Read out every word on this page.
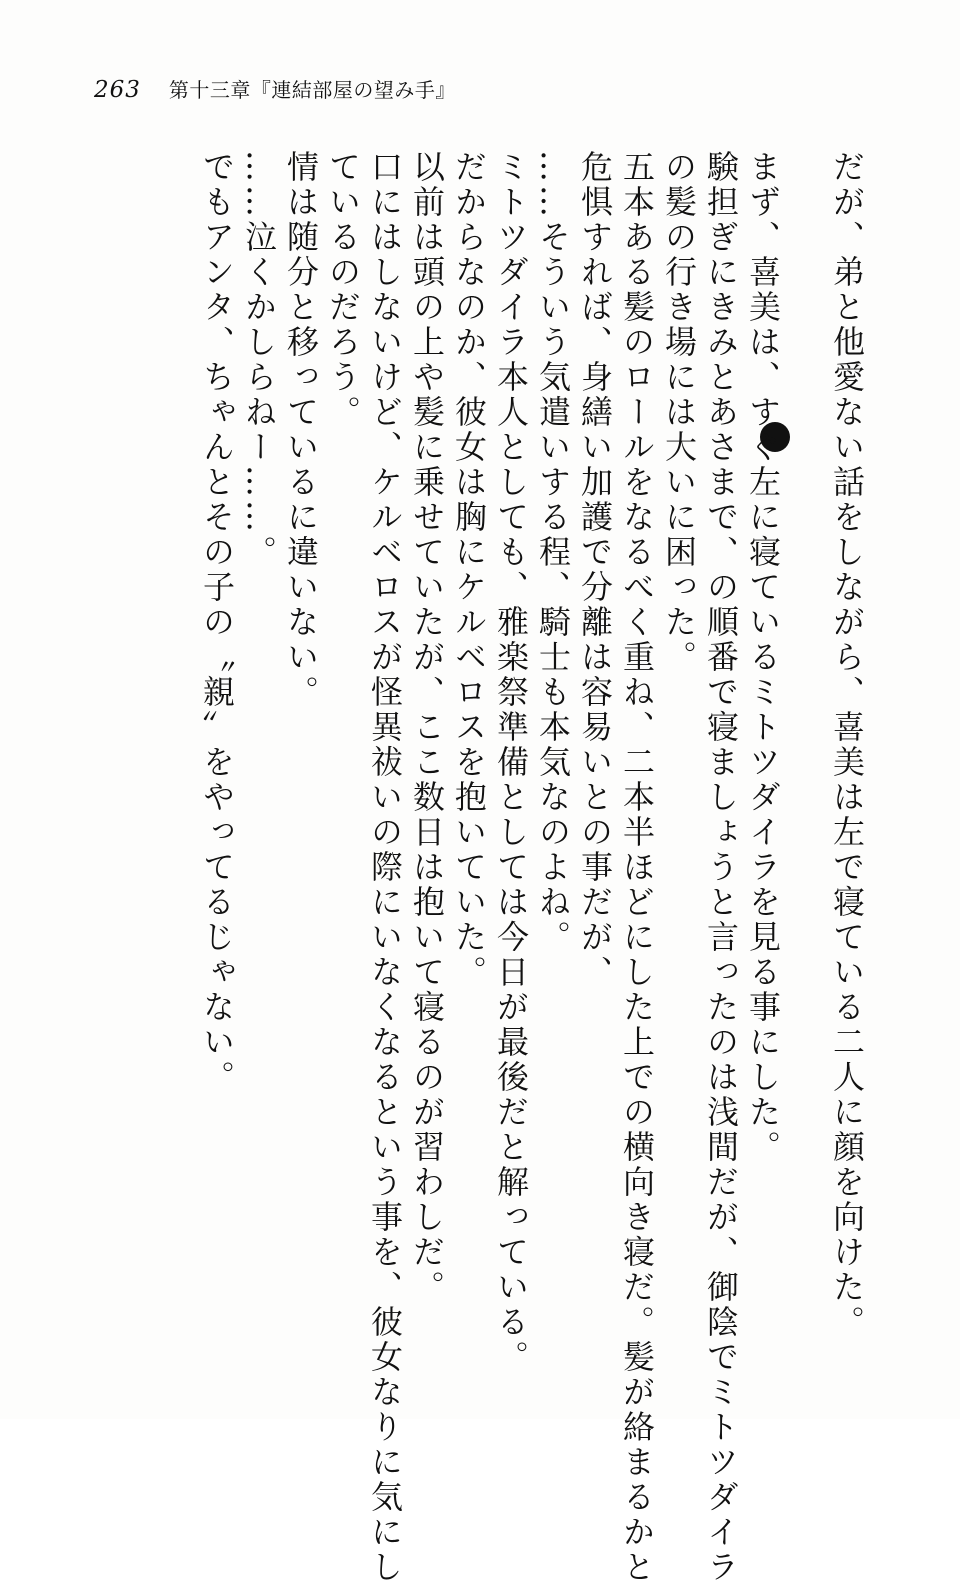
263 第十三章『連結部屋の望み手』
だが、弟と他愛ない話をしながら、喜美は左で寝ている二人に顔を向けた。
まず、喜美は、すぐ左に寝ているミトツダイラを見る事にした。
験担ぎにきみとあさまで、の順番で寝ましょうと言ったのは浅間だが、御陰でミトツダイラ
の髪の行き場には大いに困った。
五本ある髪のロールをなるべく重ね、二本半ほどにした上での横向き寝だ。髪が絡まるかと
危惧すれば、身繕い加護で分離は容易いとの事だが、
……そういう気遣いする程、騎士も本気なのよね。
ミトツダイラ本人としても、雅楽祭準備としては今日が最後だと解っている。
だからなのか、彼女は胸にケルベロスを抱いていた。
以前は頭の上や髪に乗せていたが、ここ数日は抱いて寝るのが習わしだ。
口にはしないけど、ケルベロスが怪異祓いの際にいなくなるという事を、彼女なりに気にし
ているのだろう。
情は随分と移っているに違いない。
……泣くかしらねー……。
でもアンタ、ちゃんとその子の〝親〟をやってるじゃない。
